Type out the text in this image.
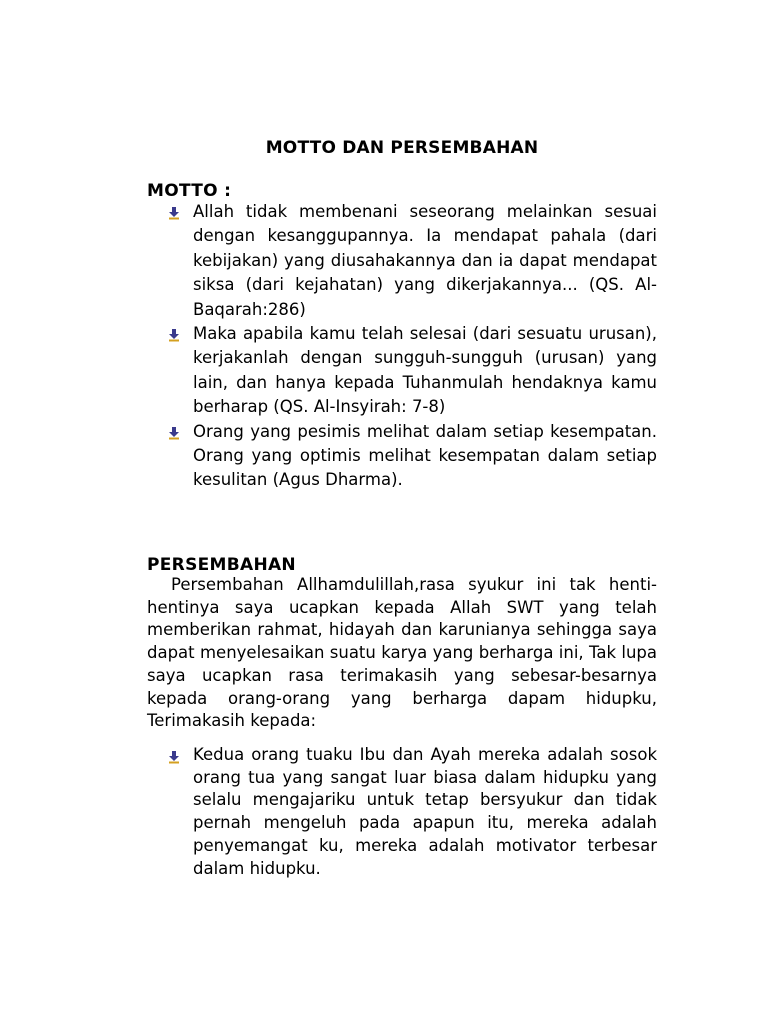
MOTTO DAN PERSEMBAHAN
MOTTO :
Allah tidak membenani seseorang melainkan sesuai dengan kesanggupannya. Ia mendapat pahala (dari kebijakan) yang diusahakannya dan ia dapat mendapat siksa (dari kejahatan) yang dikerjakannya... (QS. Al-Baqarah:286)
Maka apabila kamu telah selesai (dari sesuatu urusan), kerjakanlah dengan sungguh-sungguh (urusan) yang lain, dan hanya kepada Tuhanmulah hendaknya kamu berharap (QS. Al-Insyirah: 7-8)
Orang yang pesimis melihat dalam setiap kesempatan. Orang yang optimis melihat kesempatan dalam setiap kesulitan (Agus Dharma).
PERSEMBAHAN

Persembahan Allhamdulillah,rasa syukur ini tak henti-hentinya saya ucapkan kepada Allah SWT yang telah memberikan rahmat, hidayah dan karunianya sehingga saya dapat menyelesaikan suatu karya yang berharga ini, Tak lupa saya ucapkan rasa terimakasih yang sebesar-besarnya kepada orang-orang yang berharga dapam hidupku, Terimakasih kepada:

Kedua orang tuaku Ibu dan Ayah mereka adalah sosok orang tua yang sangat luar biasa dalam hidupku yang selalu mengajariku untuk tetap bersyukur dan tidak pernah mengeluh pada apapun itu, mereka adalah penyemangat ku, mereka adalah motivator terbesar dalam hidupku.
